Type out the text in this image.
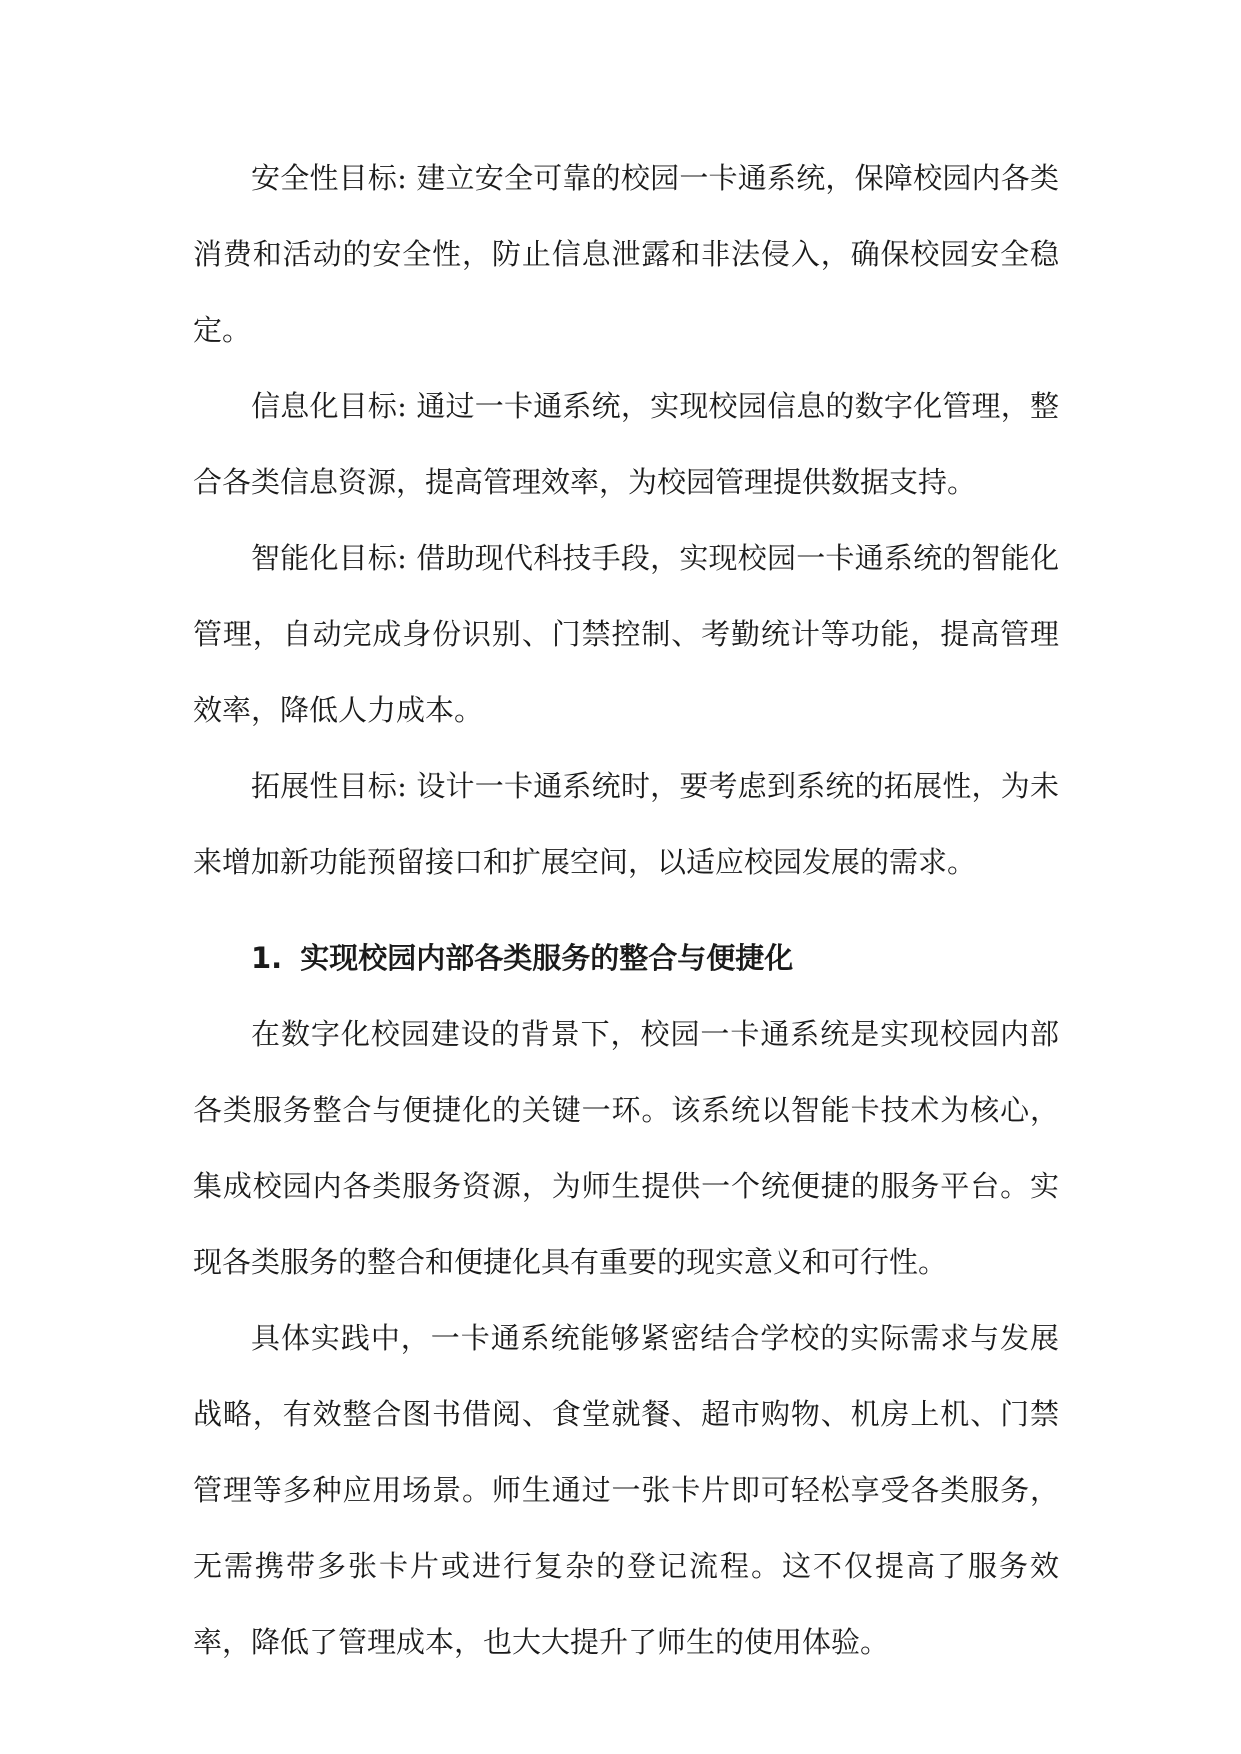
安全性目标: 建立安全可靠的校园一卡通系统，保障校园内各类消费和活动的安全性，防止信息泄露和非法侵入，确保校园安全稳定。

信息化目标: 通过一卡通系统，实现校园信息的数字化管理，整合各类信息资源，提高管理效率，为校园管理提供数据支持。

智能化目标: 借助现代科技手段，实现校园一卡通系统的智能化管理，自动完成身份识别、门禁控制、考勤统计等功能，提高管理效率，降低人力成本。

拓展性目标: 设计一卡通系统时，要考虑到系统的拓展性，为未来增加新功能预留接口和扩展空间，以适应校园发展的需求。

1. 实现校园内部各类服务的整合与便捷化

在数字化校园建设的背景下，校园一卡通系统是实现校园内部各类服务整合与便捷化的关键一环。该系统以智能卡技术为核心，集成校园内各类服务资源，为师生提供一个统便捷的服务平台。实现各类服务的整合和便捷化具有重要的现实意义和可行性。

具体实践中，一卡通系统能够紧密结合学校的实际需求与发展战略，有效整合图书借阅、食堂就餐、超市购物、机房上机、门禁管理等多种应用场景。师生通过一张卡片即可轻松享受各类服务，无需携带多张卡片或进行复杂的登记流程。这不仅提高了服务效率，降低了管理成本，也大大提升了师生的使用体验。
